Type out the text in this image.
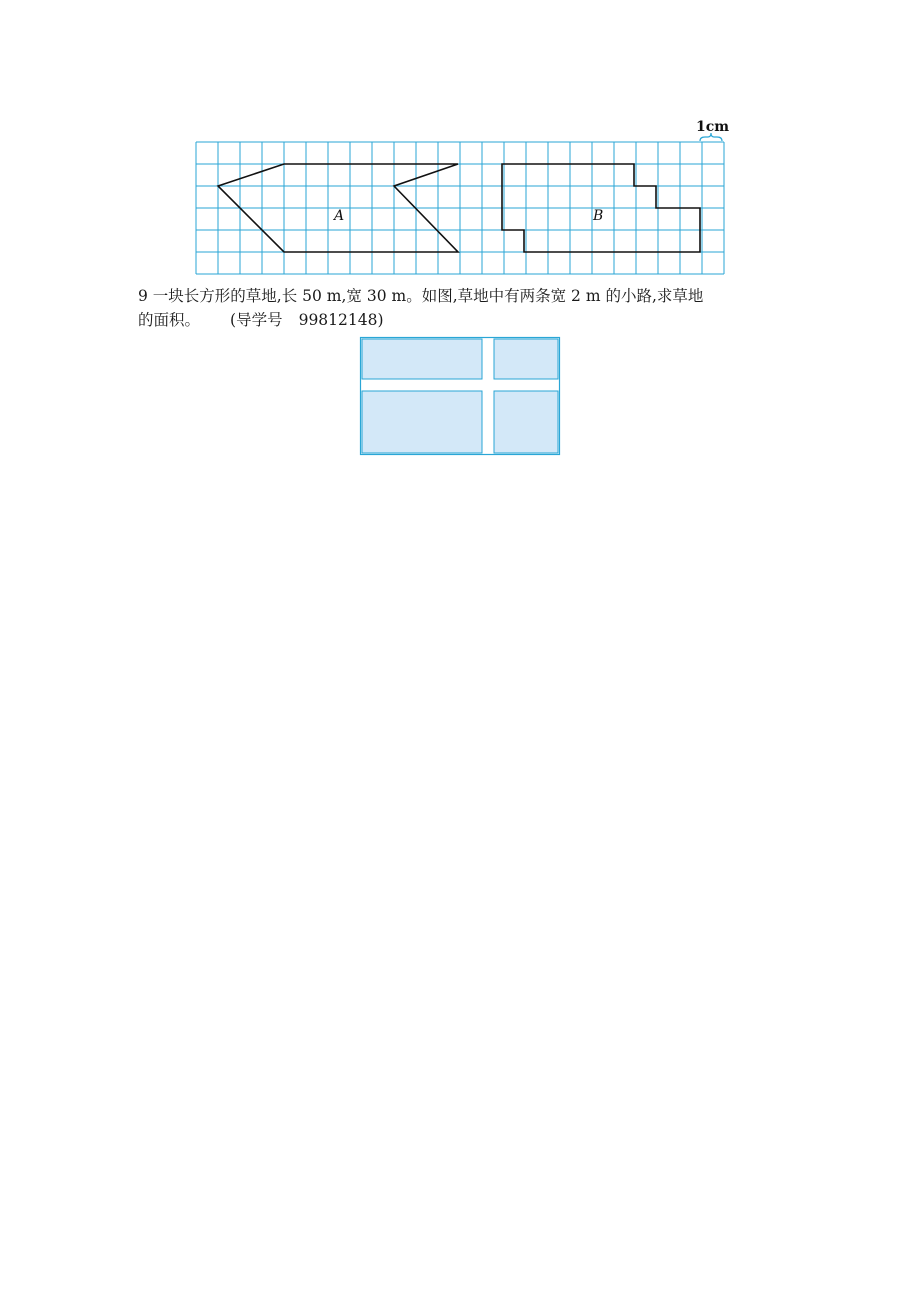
A	B
1cm

9 一块长方形的草地,长 50 m,宽 30 m。如图,草地中有两条宽 2 m 的小路,求草地
的面积。 (导学号 99812148)
